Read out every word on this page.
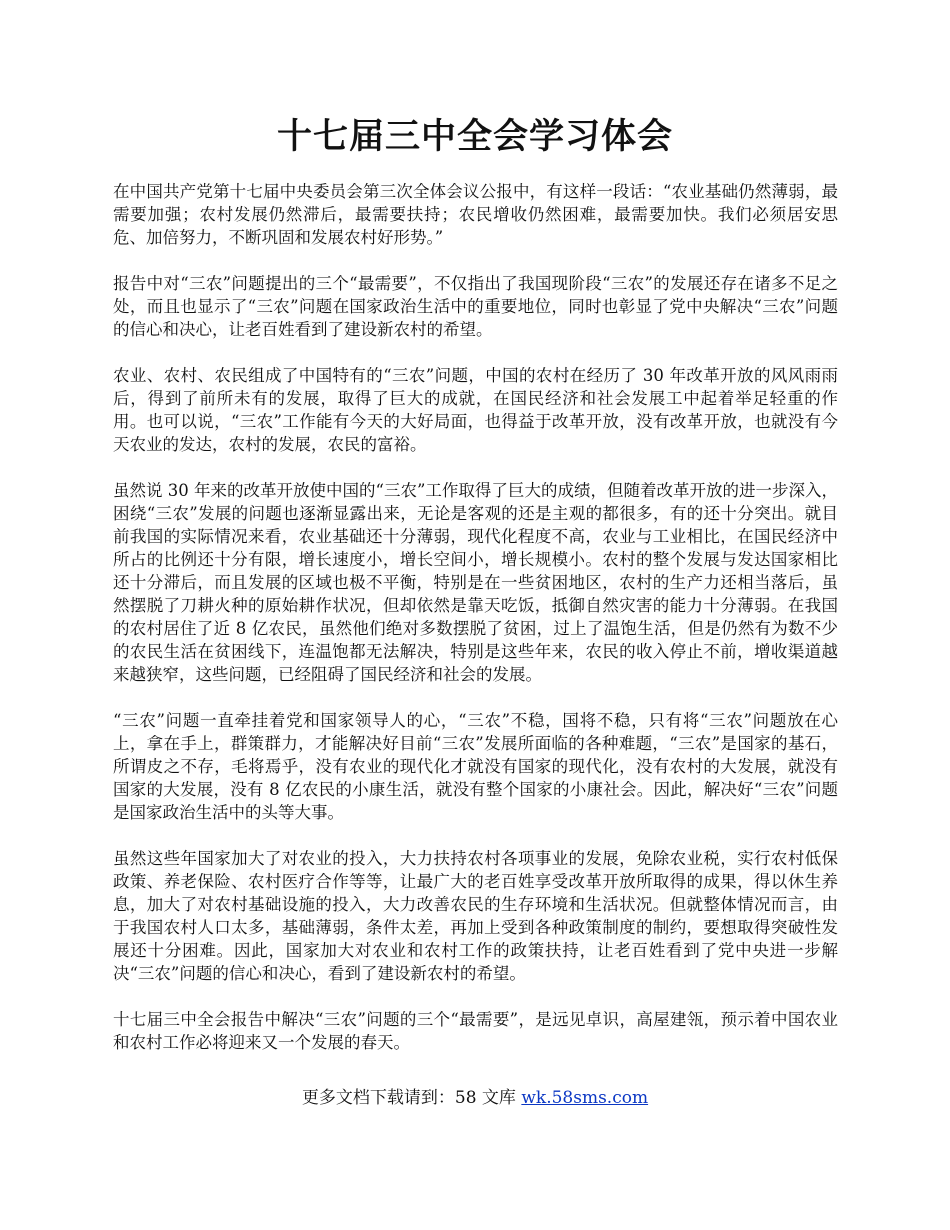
十七届三中全会学习体会

在中国共产党第十七届中央委员会第三次全体会议公报中，有这样一段话：“农业基础仍然薄弱，最需要加强；农村发展仍然滞后，最需要扶持；农民增收仍然困难，最需要加快。我们必须居安思危、加倍努力，不断巩固和发展农村好形势。”

报告中对“三农”问题提出的三个“最需要”，不仅指出了我国现阶段“三农”的发展还存在诸多不足之处，而且也显示了“三农”问题在国家政治生活中的重要地位，同时也彰显了党中央解决“三农”问题的信心和决心，让老百姓看到了建设新农村的希望。

农业、农村、农民组成了中国特有的“三农”问题，中国的农村在经历了 30 年改革开放的风风雨雨后，得到了前所未有的发展，取得了巨大的成就，在国民经济和社会发展工中起着举足轻重的作用。也可以说，“三农”工作能有今天的大好局面，也得益于改革开放，没有改革开放，也就没有今天农业的发达，农村的发展，农民的富裕。

虽然说 30 年来的改革开放使中国的“三农”工作取得了巨大的成绩，但随着改革开放的进一步深入，困绕“三农”发展的问题也逐渐显露出来，无论是客观的还是主观的都很多，有的还十分突出。就目前我国的实际情况来看，农业基础还十分薄弱，现代化程度不高，农业与工业相比，在国民经济中所占的比例还十分有限，增长速度小，增长空间小，增长规模小。农村的整个发展与发达国家相比还十分滞后，而且发展的区域也极不平衡，特别是在一些贫困地区，农村的生产力还相当落后，虽然摆脱了刀耕火种的原始耕作状况，但却依然是靠天吃饭，抵御自然灾害的能力十分薄弱。在我国的农村居住了近 8 亿农民，虽然他们绝对多数摆脱了贫困，过上了温饱生活，但是仍然有为数不少的农民生活在贫困线下，连温饱都无法解决，特别是这些年来，农民的收入停止不前，增收渠道越来越狭窄，这些问题，已经阻碍了国民经济和社会的发展。

“三农”问题一直牵挂着党和国家领导人的心，“三农”不稳，国将不稳，只有将“三农”问题放在心上，拿在手上，群策群力，才能解决好目前“三农”发展所面临的各种难题，“三农”是国家的基石，所谓皮之不存，毛将焉乎，没有农业的现代化才就没有国家的现代化，没有农村的大发展，就没有国家的大发展，没有 8 亿农民的小康生活，就没有整个国家的小康社会。因此，解决好“三农”问题是国家政治生活中的头等大事。

虽然这些年国家加大了对农业的投入，大力扶持农村各项事业的发展，免除农业税，实行农村低保政策、养老保险、农村医疗合作等等，让最广大的老百姓享受改革开放所取得的成果，得以休生养息，加大了对农村基础设施的投入，大力改善农民的生存环境和生活状况。但就整体情况而言，由于我国农村人口太多，基础薄弱，条件太差，再加上受到各种政策制度的制约，要想取得突破性发展还十分困难。因此，国家加大对农业和农村工作的政策扶持，让老百姓看到了党中央进一步解决“三农”问题的信心和决心，看到了建设新农村的希望。

十七届三中全会报告中解决“三农”问题的三个“最需要”，是远见卓识，高屋建瓴，预示着中国农业和农村工作必将迎来又一个发展的春天。

更多文档下载请到：58 文库 wk.58sms.com
